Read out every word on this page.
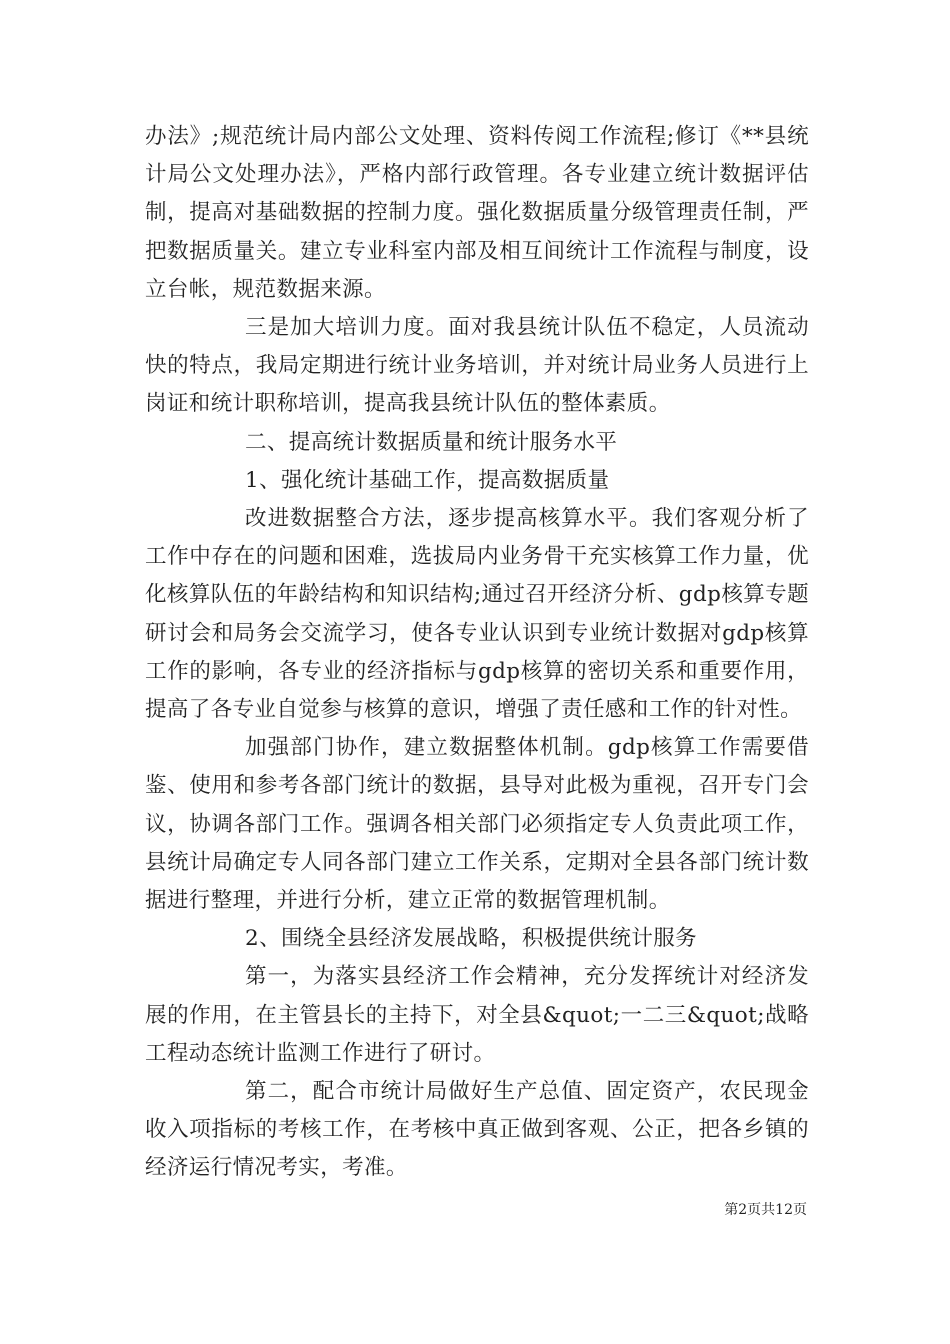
办法》;规范统计局内部公文处理、资料传阅工作流程;修订《**县统计局公文处理办法》，严格内部行政管理。各专业建立统计数据评估制，提高对基础数据的控制力度。强化数据质量分级管理责任制，严把数据质量关。建立专业科室内部及相互间统计工作流程与制度，设立台帐，规范数据来源。

三是加大培训力度。面对我县统计队伍不稳定，人员流动快的特点，我局定期进行统计业务培训，并对统计局业务人员进行上岗证和统计职称培训，提高我县统计队伍的整体素质。

二、提高统计数据质量和统计服务水平

1、强化统计基础工作，提高数据质量

改进数据整合方法，逐步提高核算水平。我们客观分析了工作中存在的问题和困难，选拔局内业务骨干充实核算工作力量，优化核算队伍的年龄结构和知识结构;通过召开经济分析、gdp核算专题研讨会和局务会交流学习，使各专业认识到专业统计数据对gdp核算工作的影响，各专业的经济指标与gdp核算的密切关系和重要作用，提高了各专业自觉参与核算的意识，增强了责任感和工作的针对性。

加强部门协作，建立数据整体机制。gdp核算工作需要借鉴、使用和参考各部门统计的数据，县导对此极为重视，召开专门会议，协调各部门工作。强调各相关部门必须指定专人负责此项工作，县统计局确定专人同各部门建立工作关系，定期对全县各部门统计数据进行整理，并进行分析，建立正常的数据管理机制。

2、围绕全县经济发展战略，积极提供统计服务

第一，为落实县经济工作会精神，充分发挥统计对经济发展的作用，在主管县长的主持下，对全县&quot;一二三&quot;战略工程动态统计监测工作进行了研讨。

第二，配合市统计局做好生产总值、固定资产，农民现金收入项指标的考核工作，在考核中真正做到客观、公正，把各乡镇的经济运行情况考实，考准。

第2页共12页
